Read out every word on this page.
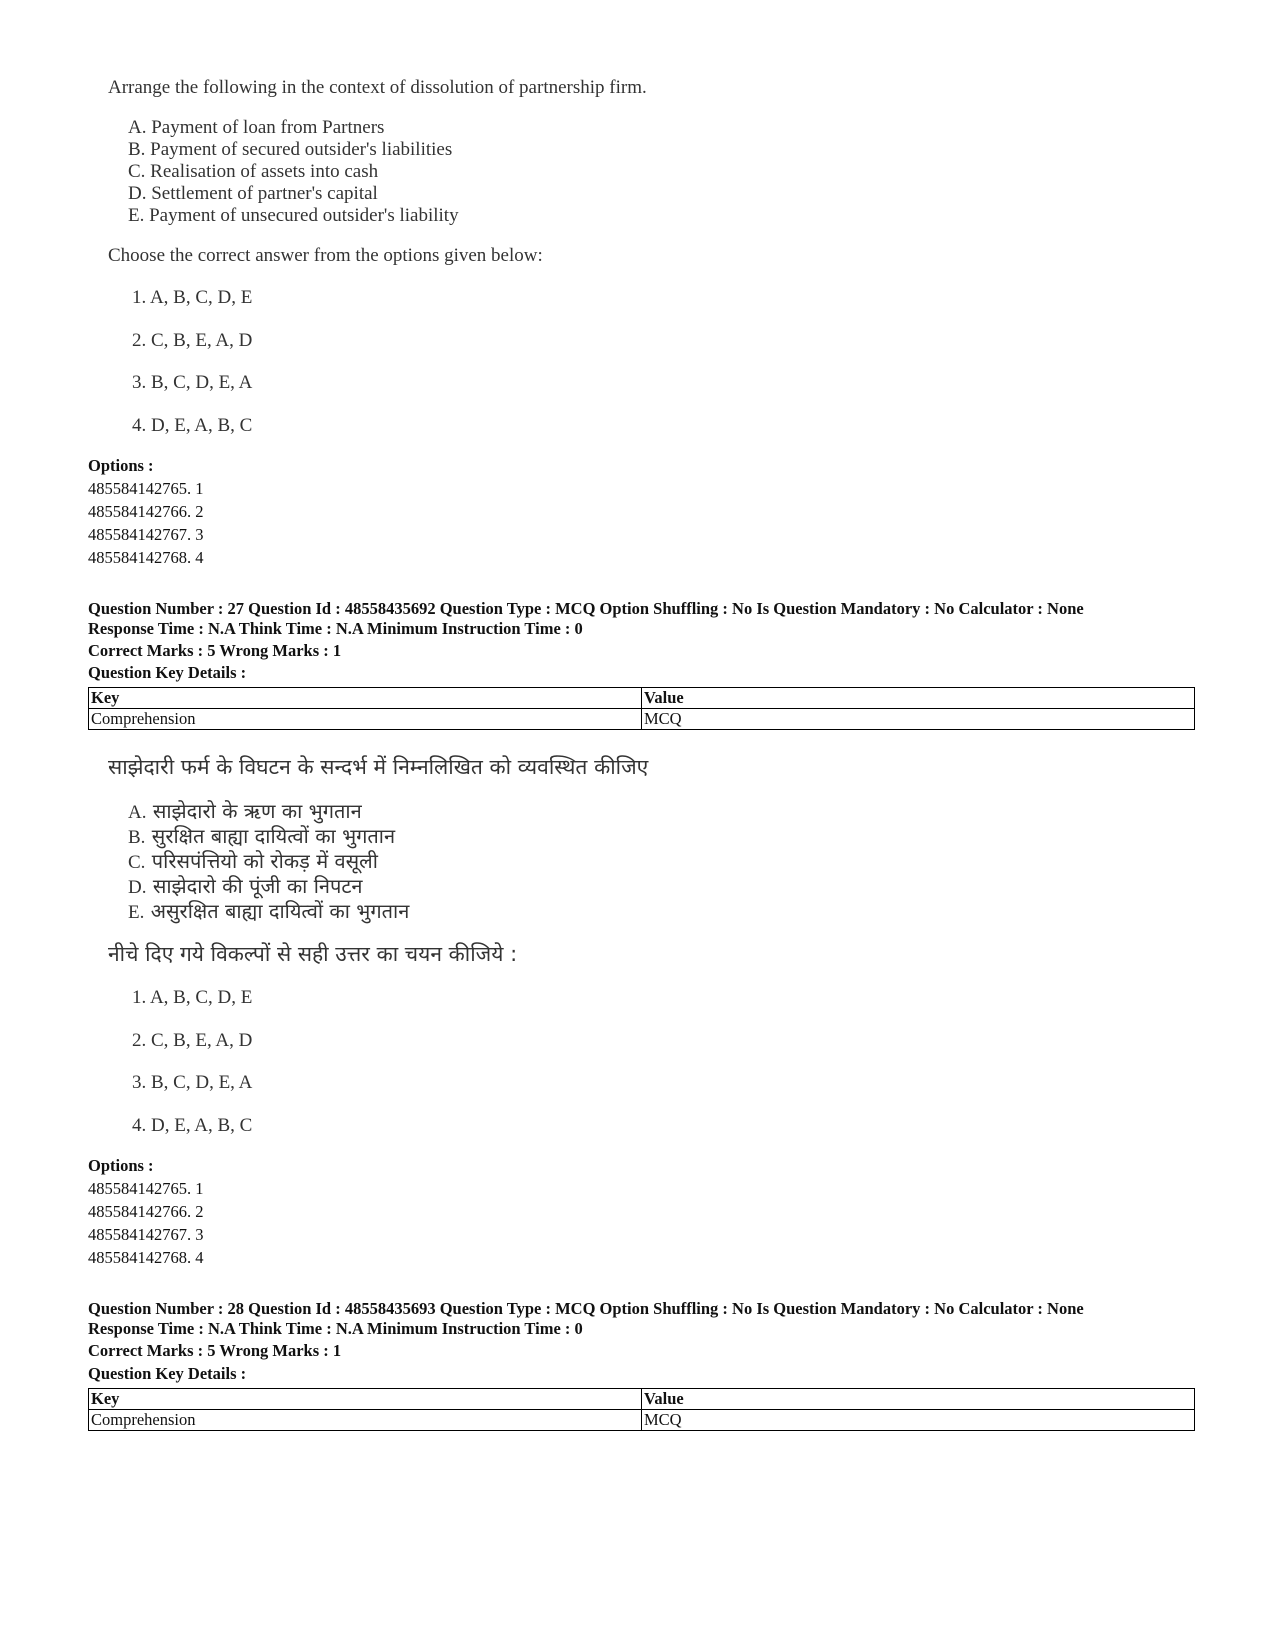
Arrange the following in the context of dissolution of partnership firm.
A. Payment of loan from Partners
B. Payment of secured outsider's liabilities
C. Realisation of assets into cash
D. Settlement of partner's capital
E. Payment of unsecured outsider's liability
Choose the correct answer from the options given below:
1. A, B, C, D, E
2. C, B, E, A, D
3. B, C, D, E, A
4. D, E, A, B, C
Options :
485584142765. 1
485584142766. 2
485584142767. 3
485584142768. 4
Question Number : 27 Question Id : 48558435692 Question Type : MCQ Option Shuffling : No Is Question Mandatory : No Calculator : None
Response Time : N.A Think Time : N.A Minimum Instruction Time : 0
Correct Marks : 5 Wrong Marks : 1
Question Key Details :
Key	Value
Comprehension	MCQ
साझेदारी फर्म के विघटन के सन्दर्भ में निम्नलिखित को व्यवस्थित कीजिए
A. साझेदारो के ऋण का भुगतान
B. सुरक्षित बाह्या दायित्वों का भुगतान
C. परिसपंत्तियो को रोकड़ में वसूली
D. साझेदारो की पूंजी का निपटन
E. असुरक्षित बाह्या दायित्वों का भुगतान
नीचे दिए गये विकल्पों से सही उत्तर का चयन कीजिये :
1. A, B, C, D, E
2. C, B, E, A, D
3. B, C, D, E, A
4. D, E, A, B, C
Options :
485584142765. 1
485584142766. 2
485584142767. 3
485584142768. 4
Question Number : 28 Question Id : 48558435693 Question Type : MCQ Option Shuffling : No Is Question Mandatory : No Calculator : None
Response Time : N.A Think Time : N.A Minimum Instruction Time : 0
Correct Marks : 5 Wrong Marks : 1
Question Key Details :
Key	Value
Comprehension	MCQ
